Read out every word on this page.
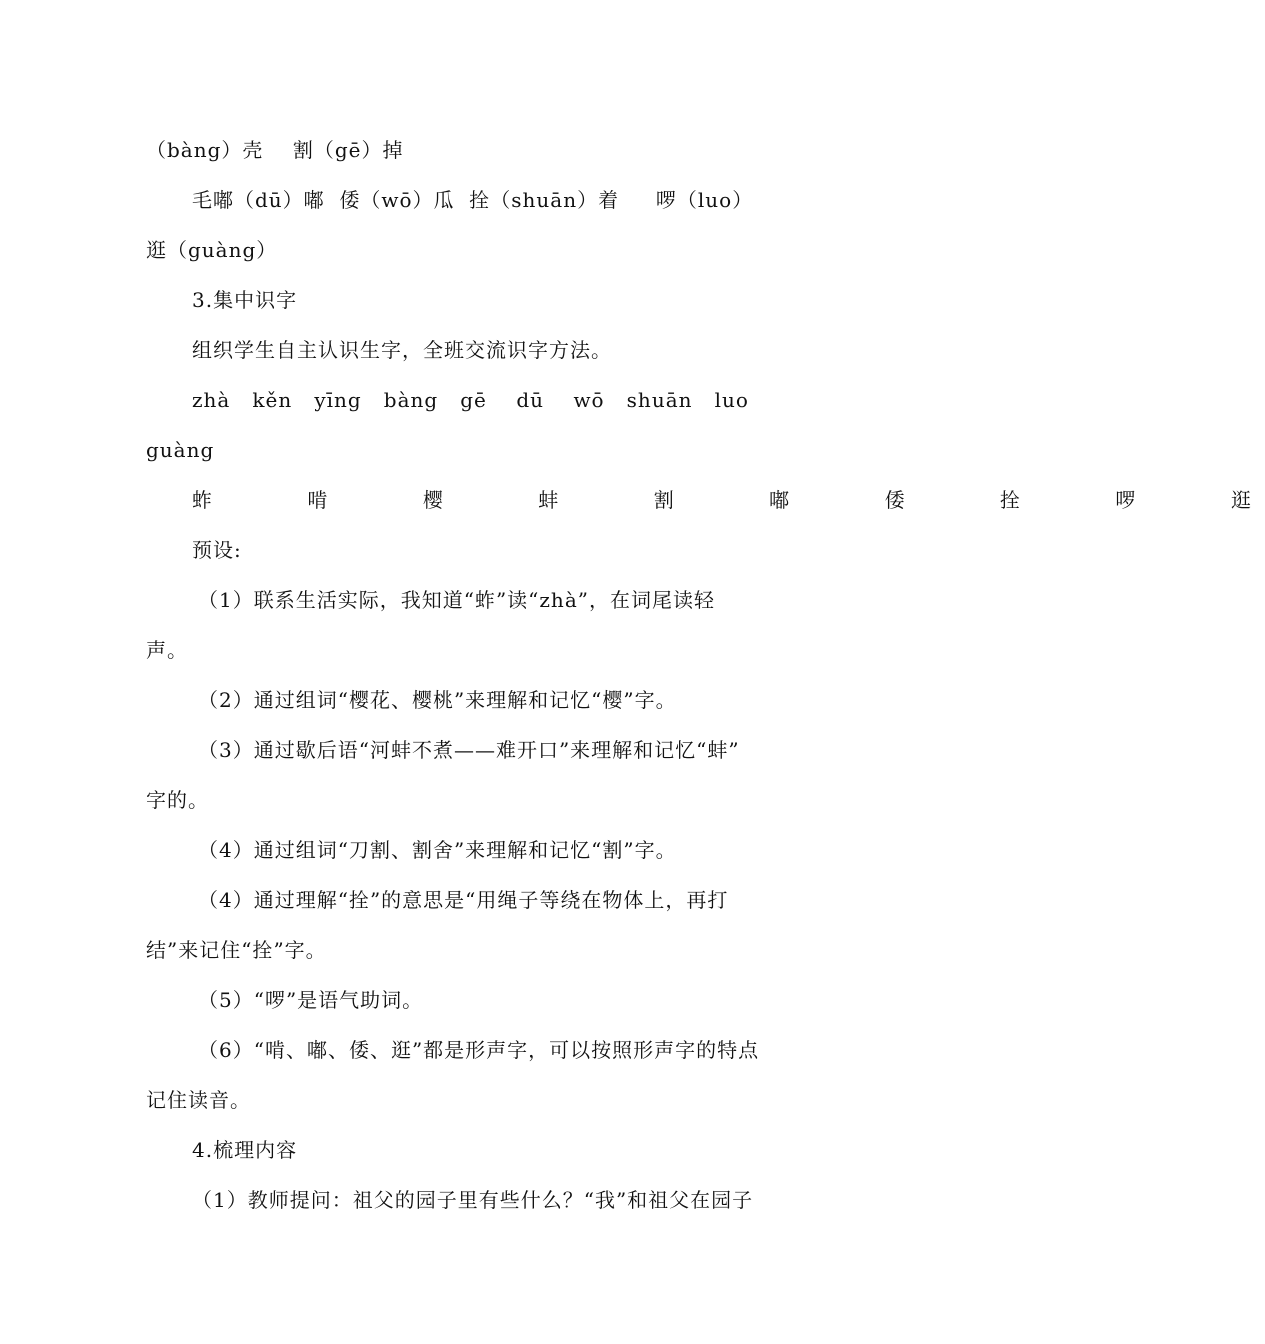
（bàng）壳    割（gē）掉
毛嘟（dū）嘟  倭（wō）瓜  拴（shuān）着     啰（luo）
逛（guàng）
3.集中识字
组织学生自主认识生字，全班交流识字方法。
zhà   kěn   yīng   bàng   gē    dū    wō   shuān   luo
guàng
蚱    啃    樱    蚌    割    嘟    倭    拴    啰    逛
预设:
（1）联系生活实际，我知道“蚱”读“zhà”，在词尾读轻
声。
（2）通过组词“樱花、樱桃”来理解和记忆“樱”字。
（3）通过歇后语“河蚌不煮——难开口”来理解和记忆“蚌”
字的。
（4）通过组词“刀割、割舍”来理解和记忆“割”字。
（4）通过理解“拴”的意思是“用绳子等绕在物体上，再打
结”来记住“拴”字。
（5）“啰”是语气助词。
（6）“啃、嘟、倭、逛”都是形声字，可以按照形声字的特点
记住读音。
4.梳理内容
（1）教师提问：祖父的园子里有些什么？“我”和祖父在园子
